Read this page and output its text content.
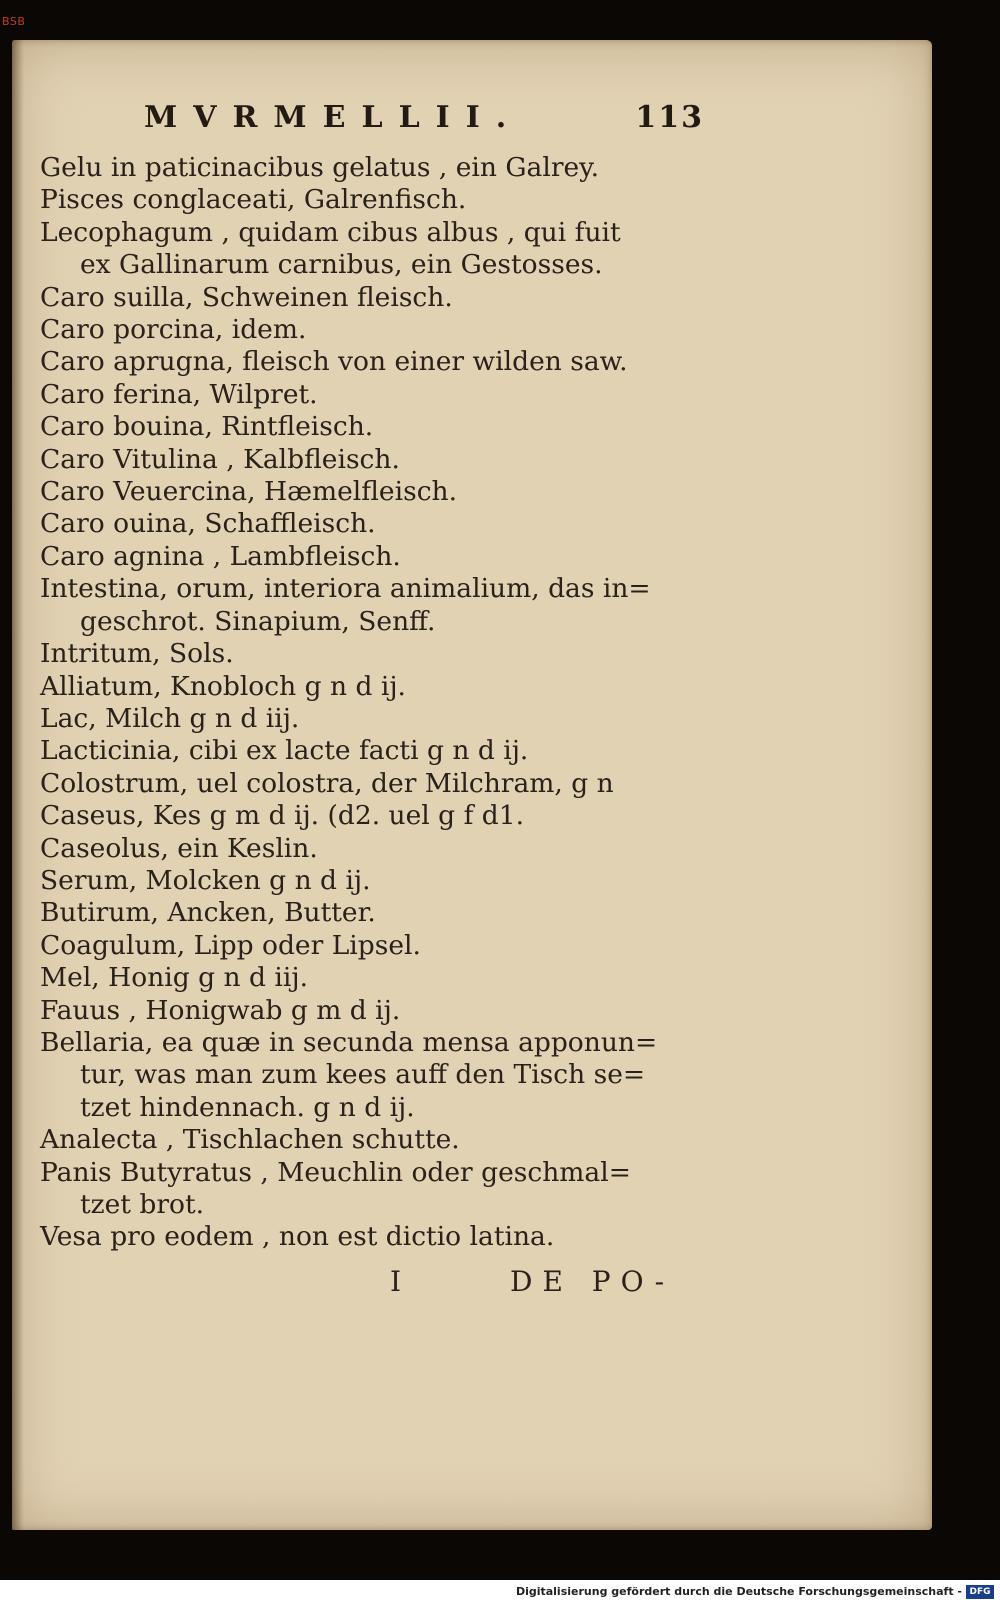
BSB
MVRMELLII.	113
Gelu in paticinacibus gelatus , ein Galrey.
Pisces conglaceati, Galrenfisch.
Lecophagum , quidam cibus albus , qui fuit
ex Gallinarum carnibus, ein Gestosses.
Caro suilla, Schweinen fleisch.
Caro porcina, idem.
Caro aprugna, fleisch von einer wilden saw.
Caro ferina, Wilpret.
Caro bouina, Rintfleisch.
Caro Vitulina , Kalbfleisch.
Caro Veuercina, Hæmelfleisch.
Caro ouina, Schaffleisch.
Caro agnina , Lambfleisch.
Intestina, orum, interiora animalium, das in=
geschrot. Sinapium, Senff.
Intritum, Sols.
Alliatum, Knobloch g n d ij.
Lac, Milch g n d iij.
Lacticinia, cibi ex lacte facti g n d ij.
Colostrum, uel colostra, der Milchram, g n
Caseus, Kes g m d ij. (d2. uel g f d1.
Caseolus, ein Keslin.
Serum, Molcken g n d ij.
Butirum, Ancken, Butter.
Coagulum, Lipp oder Lipsel.
Mel, Honig g n d iij.
Fauus , Honigwab g m d ij.
Bellaria, ea quæ in secunda mensa apponun=
tur, was man zum kees auff den Tisch se=
tzet hindennach. g n d ij.
Analecta , Tischlachen schutte.
Panis Butyratus , Meuchlin oder geschmal=
tzet brot.
Vesa pro eodem , non est dictio latina.
I	DE PO-
Digitalisierung gefördert durch die Deutsche Forschungsgemeinschaft - DFG
